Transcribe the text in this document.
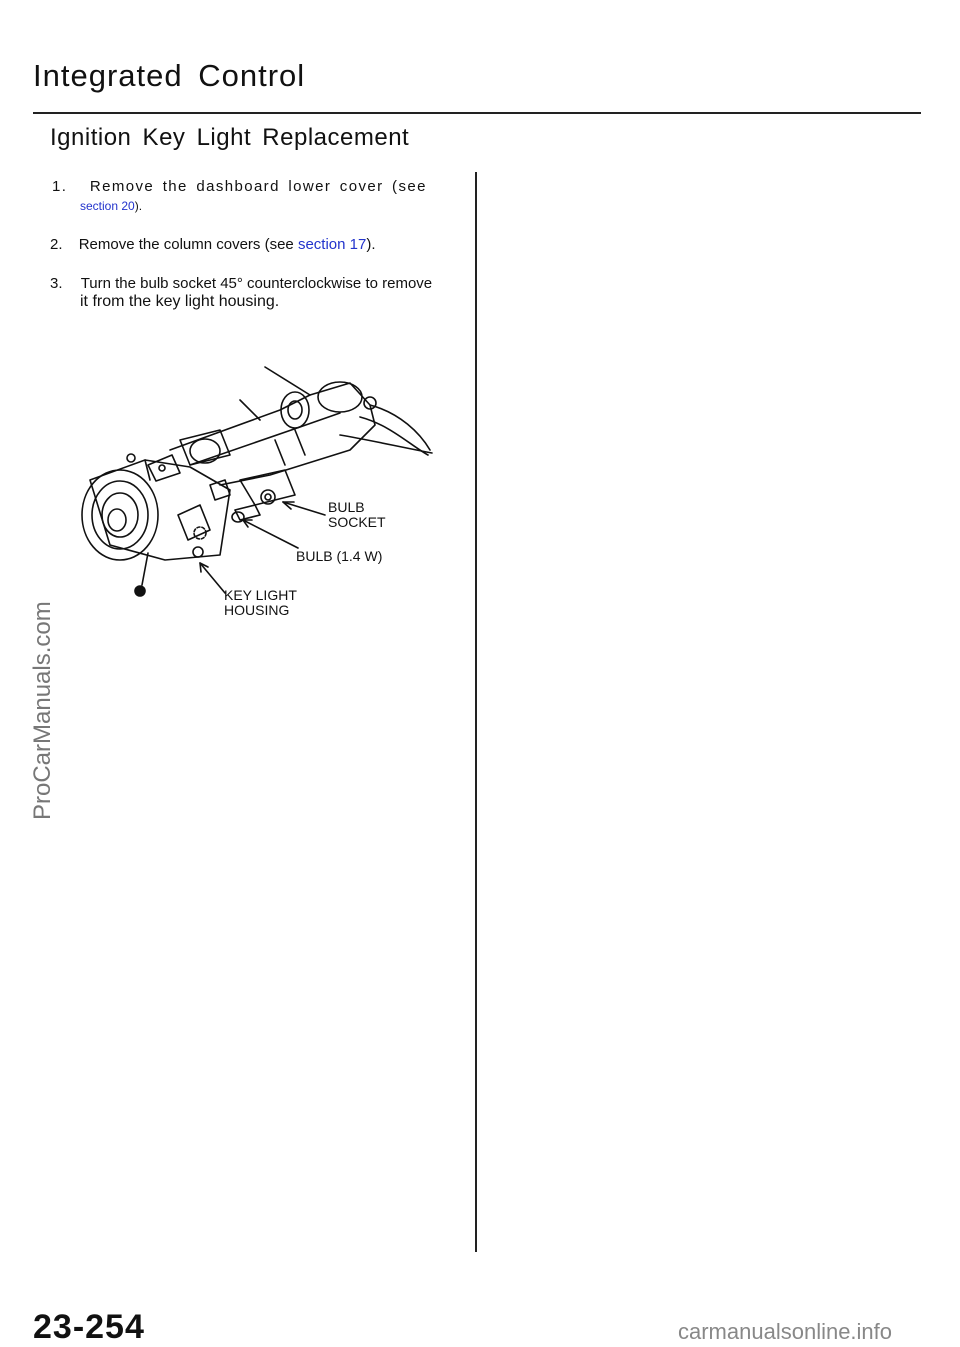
Integrated Control
Ignition Key Light Replacement
1. Remove the dashboard lower cover (see
section 20).
2. Remove the column covers (see section 17).
3. Turn the bulb socket 45° counterclockwise to remove
it from the key light housing.
BULB
SOCKET
BULB (1.4 W)
KEY LIGHT
HOUSING
ProCarManuals.com
23-254	carmanualsonline.info
